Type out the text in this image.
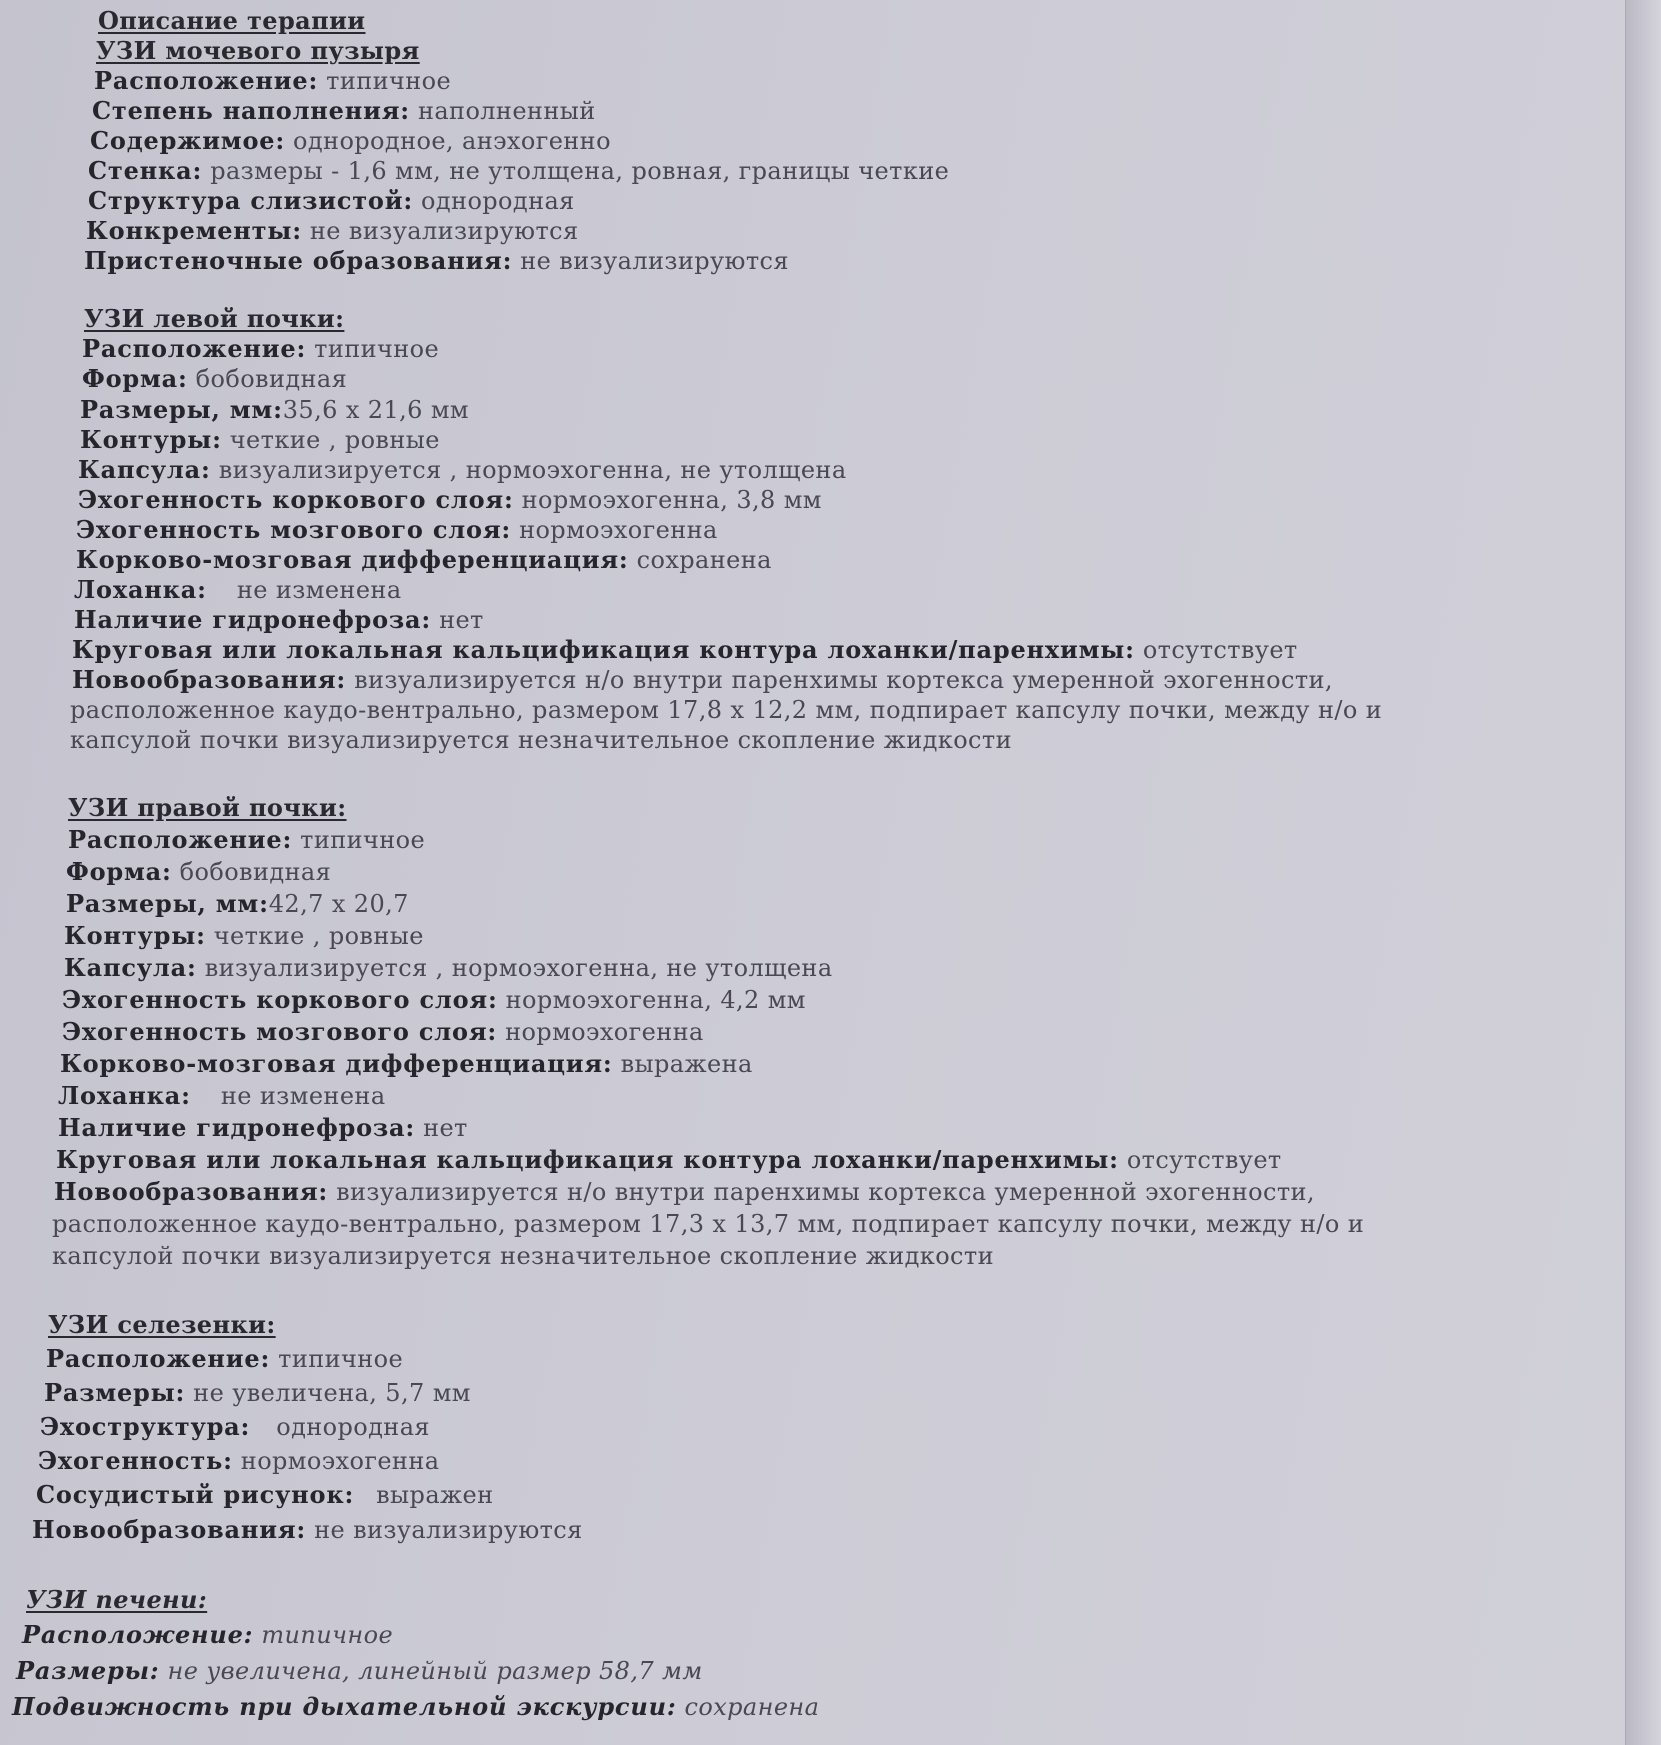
Описание терапии
УЗИ мочевого пузыря
Расположение: типичное
Степень наполнения: наполненный
Содержимое: однородное, анэхогенно
Стенка: размеры - 1,6 мм, не утолщена, ровная, границы четкие
Структура слизистой: однородная
Конкременты: не визуализируются
Пристеночные образования: не визуализируются
УЗИ левой почки:
Расположение: типичное
Форма: бобовидная
Размеры, мм:35,6 х 21,6 мм
Контуры: четкие , ровные
Капсула: визуализируется , нормоэхогенна, не утолщена
Эхогенность коркового слоя: нормоэхогенна, 3,8 мм
Эхогенность мозгового слоя: нормоэхогенна
Корково-мозговая дифференциация: сохранена
Лоханка: не изменена
Наличие гидронефроза: нет
Круговая или локальная кальцификация контура лоханки/паренхимы: отсутствует
Новообразования: визуализируется н/о внутри паренхимы кортекса умеренной эхогенности,
расположенное каудо-вентрально, размером 17,8 х 12,2 мм, подпирает капсулу почки, между н/о и
капсулой почки визуализируется незначительное скопление жидкости
УЗИ правой почки:
Расположение: типичное
Форма: бобовидная
Размеры, мм:42,7 х 20,7
Контуры: четкие , ровные
Капсула: визуализируется , нормоэхогенна, не утолщена
Эхогенность коркового слоя: нормоэхогенна, 4,2 мм
Эхогенность мозгового слоя: нормоэхогенна
Корково-мозговая дифференциация: выражена
Лоханка: не изменена
Наличие гидронефроза: нет
Круговая или локальная кальцификация контура лоханки/паренхимы: отсутствует
Новообразования: визуализируется н/о внутри паренхимы кортекса умеренной эхогенности,
расположенное каудо-вентрально, размером 17,3 х 13,7 мм, подпирает капсулу почки, между н/о и
капсулой почки визуализируется незначительное скопление жидкости
УЗИ селезенки:
Расположение: типичное
Размеры: не увеличена, 5,7 мм
Эхоструктура: однородная
Эхогенность: нормоэхогенна
Сосудистый рисунок: выражен
Новообразования: не визуализируются
УЗИ печени:
Расположение: типичное
Размеры: не увеличена, линейный размер 58,7 мм
Подвижность при дыхательной экскурсии: сохранена
